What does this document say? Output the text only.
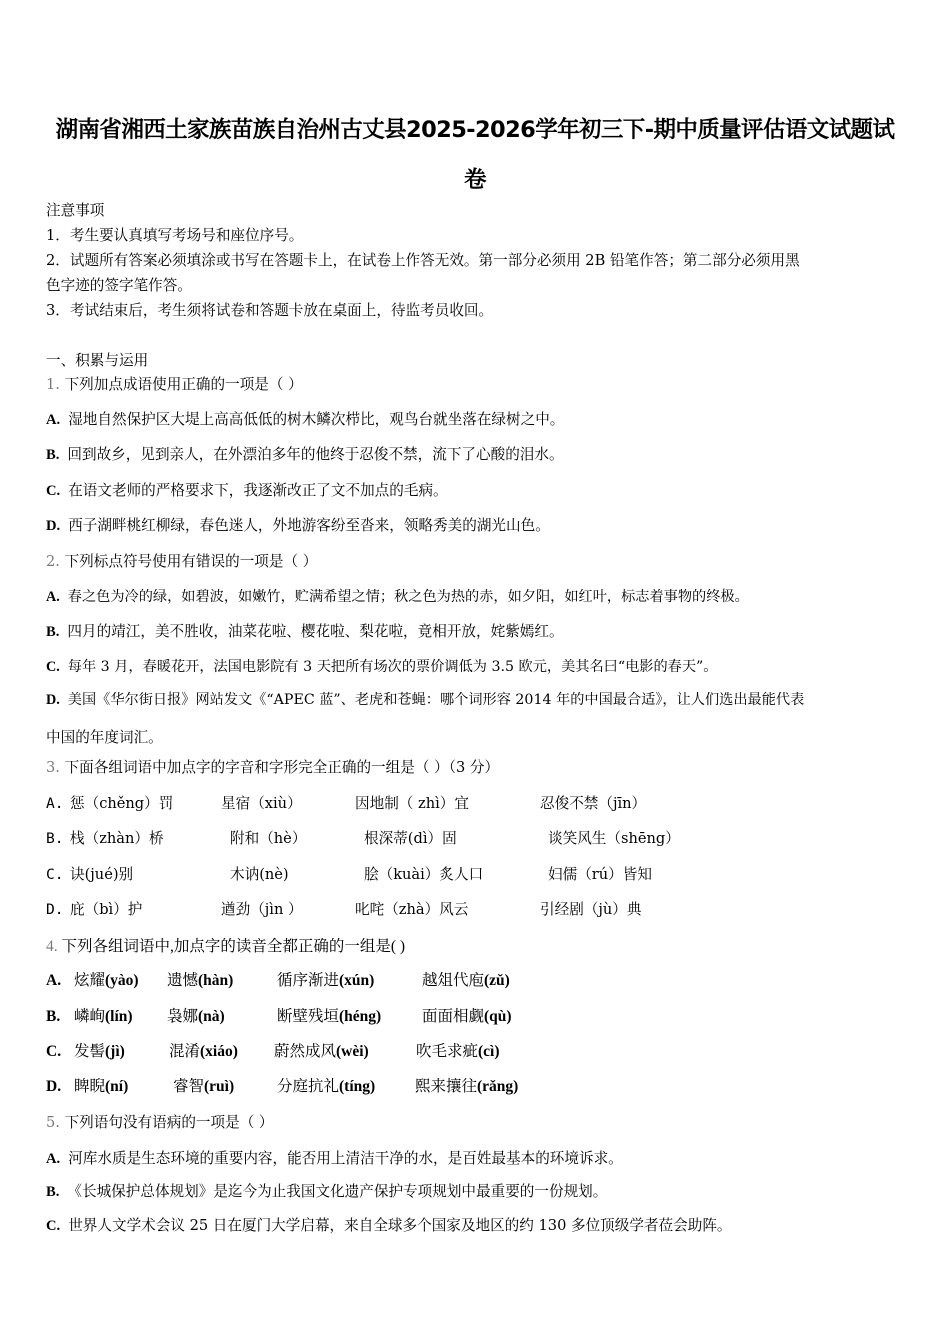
湖南省湘西土家族苗族自治州古丈县2025-2026学年初三下-期中质量评估语文试题试
卷
注意事项
1．考生要认真填写考场号和座位序号。
2．试题所有答案必须填涂或书写在答题卡上，在试卷上作答无效。第一部分必须用 2B 铅笔作答；第二部分必须用黑
色字迹的签字笔作答。
3．考试结束后，考生须将试卷和答题卡放在桌面上，待监考员收回。
一、积累与运用
1. 下列加点成语使用正确的一项是（ ）
A. 湿地自然保护区大堤上高高低低的树木鳞次栉比，观鸟台就坐落在绿树之中。
B. 回到故乡，见到亲人，在外漂泊多年的他终于忍俊不禁，流下了心酸的泪水。
C. 在语文老师的严格要求下，我逐渐改正了文不加点的毛病。
D. 西子湖畔桃红柳绿，春色迷人，外地游客纷至沓来，领略秀美的湖光山色。
2. 下列标点符号使用有错误的一项是（ ）
A. 春之色为冷的绿，如碧波，如嫩竹，贮满希望之情；秋之色为热的赤，如夕阳，如红叶，标志着事物的终极。
B. 四月的靖江，美不胜收，油菜花啦、樱花啦、梨花啦，竟相开放，姹紫嫣红。
C. 每年 3 月，春暖花开，法国电影院有 3 天把所有场次的票价调低为 3.5 欧元，美其名曰“电影的春天”。
D. 美国《华尔街日报》网站发文《“APEC 蓝”、老虎和苍蝇：哪个词形容 2014 年的中国最合适》，让人们选出最能代表
中国的年度词汇。
3. 下面各组词语中加点字的字音和字形完全正确的一组是（ ）（3 分）
A. 惩（chěng）罚	星宿（xiù）	因地制（ zhì）宜	忍俊不禁（jīn）
B. 栈（zhàn）桥	附和（hè）	根深蒂(dì）固	谈笑风生（shēng）
C. 诀(jué)别	木讷(nè)	脍（kuài）炙人口	妇儒（rú）皆知
D. 庇（bì）护	遒劲（jìn ）	叱咤（zhà）风云	引经剧（jù）典
4. 下列各组词语中,加点字的读音全都正确的一组是( )
A. 炫耀(yào) 遗憾(hàn)	循序渐进(xún)	越俎代庖(zǔ)
B. 嶙峋(lín) 袅娜(nà)	断壁残垣(héng)	面面相觑(qù)
C. 发髻(jì)	混淆(xiáo) 蔚然成风(wèi)	吹毛求疵(cì)
D. 睥睨(ní)	睿智(ruì)	分庭抗礼(tíng)	熙来攘往(rǎng)
5. 下列语句没有语病的一项是（ ）
A. 河库水质是生态环境的重要内容，能否用上清洁干净的水，是百姓最基本的环境诉求。
B. 《长城保护总体规划》是迄今为止我国文化遗产保护专项规划中最重要的一份规划。
C. 世界人文学术会议 25 日在厦门大学启幕，来自全球多个国家及地区的约 130 多位顶级学者莅会助阵。
